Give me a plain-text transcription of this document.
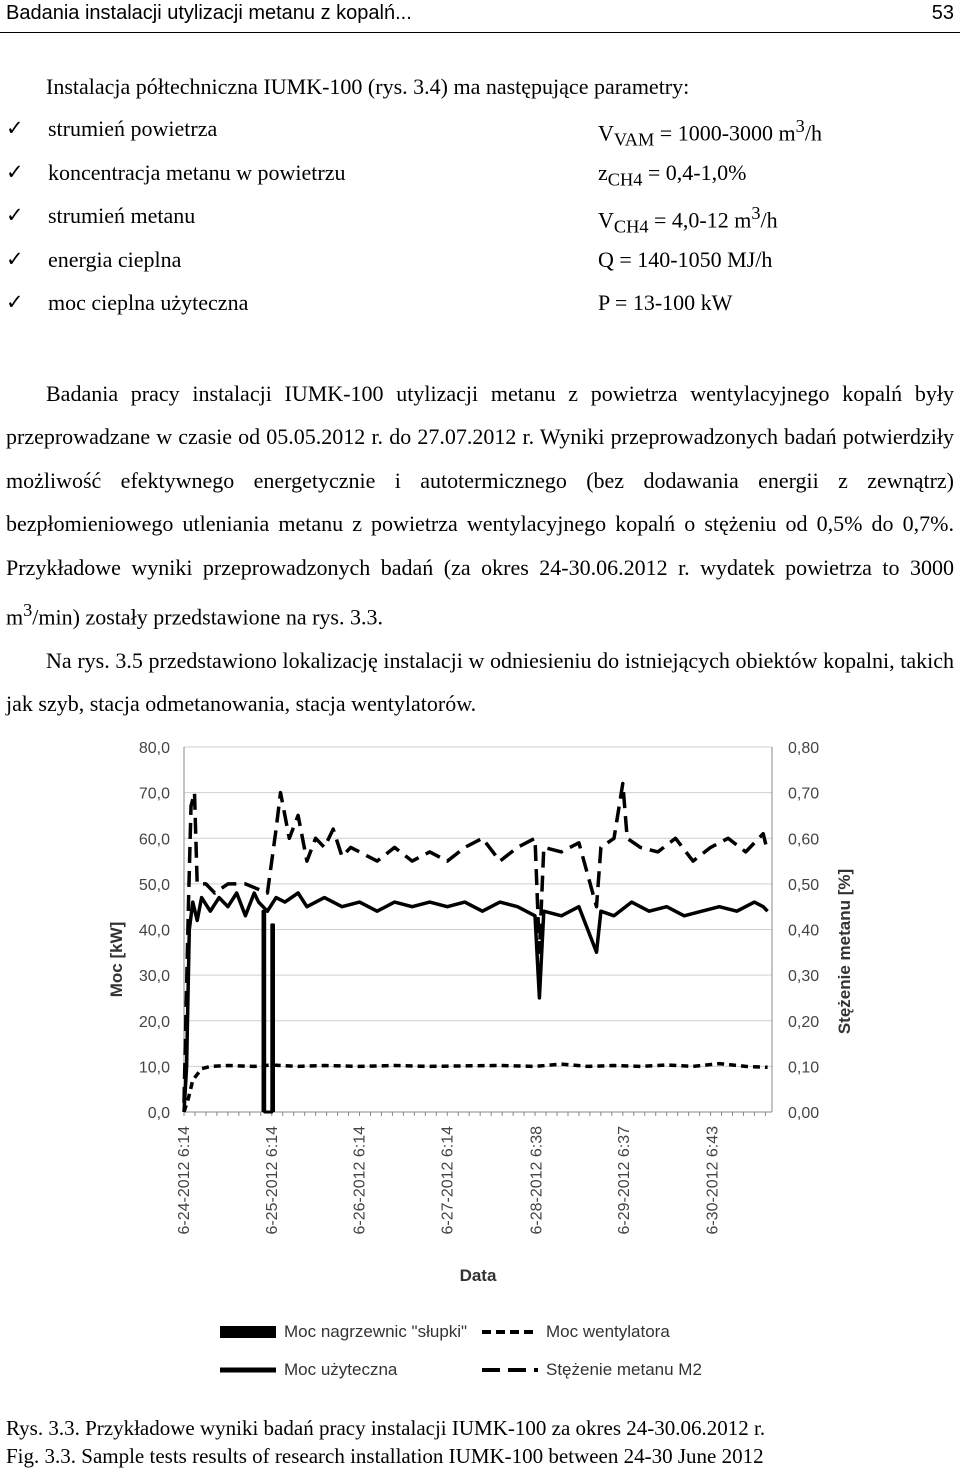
Badania instalacji utylizacji metanu z kopalń...	53
Instalacja półtechniczna IUMK-100 (rys. 3.4) ma następujące parametry:
✓ strumień powietrza	$V_{VAM} = 1000-3000$ $m^3/h$
✓ koncentracja metanu w powietrzu	$z_{CH4} = 0,4-1,0\%$
✓ strumień metanu	$V_{CH4} = 4,0-12$ $m^3/h$
✓ energia cieplna	Q = 140-1050 MJ/h
✓ moc cieplna użyteczna	P = 13-100 kW

Badania pracy instalacji IUMK-100 utylizacji metanu z powietrza wentylacyjnego kopalń były przeprowadzane w czasie od 05.05.2012 r. do 27.07.2012 r. Wyniki przeprowadzonych badań potwierdziły możliwość efektywnego energetycznie i autotermicznego (bez dodawania energii z zewnątrz) bezpłomieniowego utleniania metanu z powietrza wentylacyjnego kopalń o stężeniu od 0,5% do 0,7%. Przykładowe wyniki przeprowadzonych badań (za okres 24-30.06.2012 r. wydatek powietrza to 3000 $m^3/\min$) zostały przedstawione na rys. 3.3.

Na rys. 3.5 przedstawiono lokalizację instalacji w odniesieniu do istniejących obiektów kopalni, takich jak szyb, stacja odmetanowania, stacja wentylatorów.

0,0
10,0
20,0
30,0
40,0
50,0
60,0
70,0
80,0
0,00
0,10
0,20
0,30
0,40
0,50
0,60
0,70
0,80
6-24-2012 6:14	6-25-2012 6:14	6-26-2012 6:14	6-27-2012 6:14	6-28-2012 6:38	6-29-2012 6:37	6-30-2012 6:43
Data
Moc [kW]	Stężenie metanu [%]
Moc nagrzewnic "słupki"	Moc wentylatora
Moc użyteczna	Stężenie metanu M2
Rys. 3.3. Przykładowe wyniki badań pracy instalacji IUMK-100 za okres 24-30.06.2012 r.
Fig. 3.3. Sample tests results of research installation IUMK-100 between 24-30 June 2012
